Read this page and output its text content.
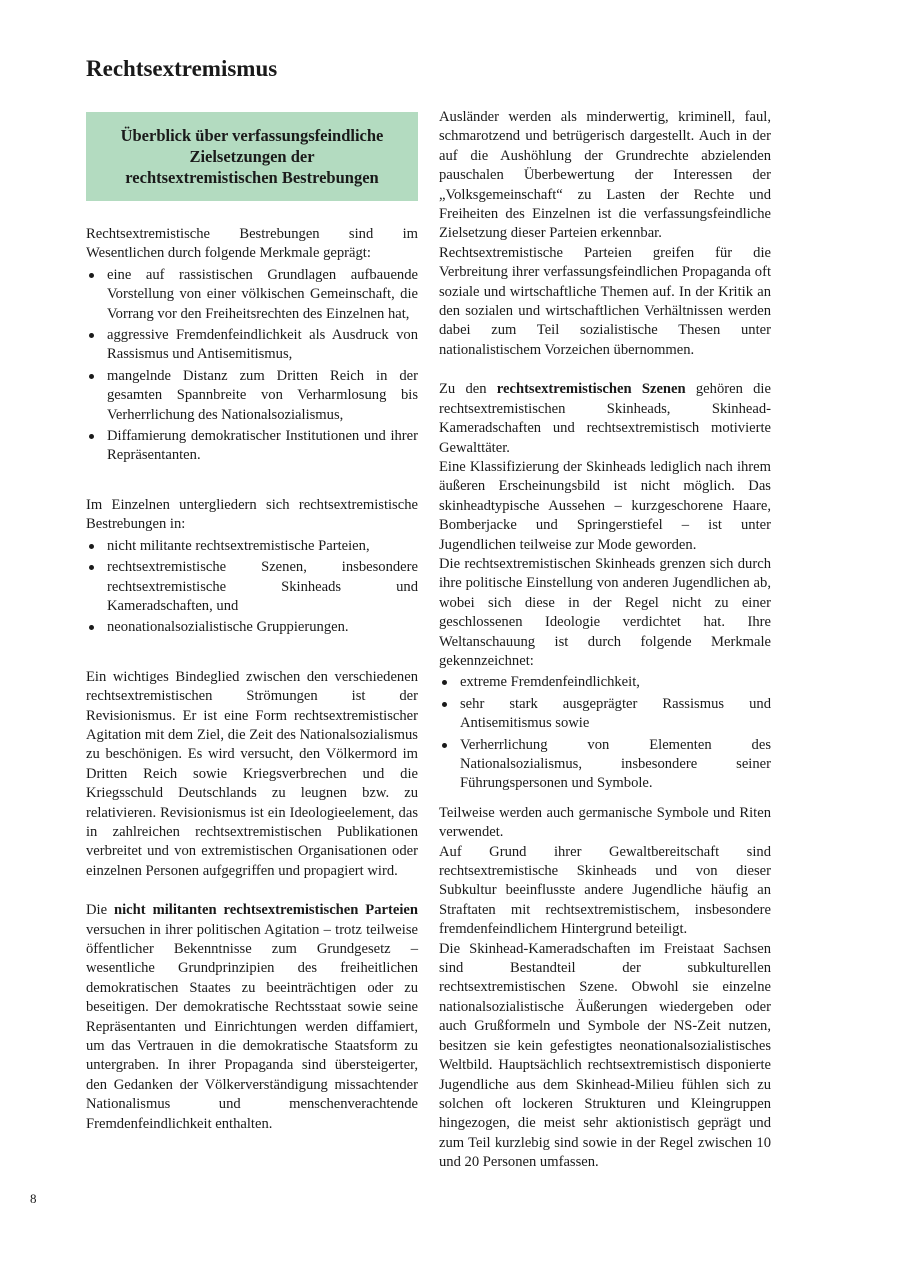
Rechtsextremismus
Überblick über verfassungsfeindliche
Zielsetzungen der
rechtsextremistischen Bestrebungen

Rechtsextremistische Bestrebungen sind im Wesentlichen durch folgende Merkmale geprägt:

eine auf rassistischen Grundlagen aufbauende Vorstellung von einer völkischen Gemeinschaft, die Vorrang vor den Freiheitsrechten des Einzelnen hat,
aggressive Fremdenfeindlichkeit als Ausdruck von Rassismus und Antisemitismus,
mangelnde Distanz zum Dritten Reich in der gesamten Spannbreite von Verharmlosung bis Verherrlichung des Nationalsozialismus,
Diffamierung demokratischer Institutionen und ihrer Repräsentanten.

Im Einzelnen untergliedern sich rechtsextremistische Bestrebungen in:

nicht militante rechtsextremistische Parteien,
rechtsextremistische Szenen, insbesondere rechtsextremistische Skinheads und Kameradschaften, und
neonationalsozialistische Gruppierungen.

Ein wichtiges Bindeglied zwischen den verschiedenen rechtsextremistischen Strömungen ist der Revisionismus. Er ist eine Form rechtsextremistischer Agitation mit dem Ziel, die Zeit des Nationalsozialismus zu beschönigen. Es wird versucht, den Völkermord im Dritten Reich sowie Kriegsverbrechen und die Kriegsschuld Deutschlands zu leugnen bzw. zu relativieren. Revisionismus ist ein Ideologieelement, das in zahlreichen rechtsextremistischen Publikationen verbreitet und von extremistischen Organisationen oder einzelnen Personen aufgegriffen und propagiert wird.

Die nicht militanten rechtsextremistischen Parteien versuchen in ihrer politischen Agitation – trotz teilweise öffentlicher Bekenntnisse zum Grundgesetz – wesentliche Grundprinzipien des freiheitlichen demokratischen Staates zu beeinträchtigen oder zu beseitigen. Der demokratische Rechtsstaat sowie seine Repräsentanten und Einrichtungen werden diffamiert, um das Vertrauen in die demokratische Staatsform zu untergraben. In ihrer Propaganda sind übersteigerter, den Gedanken der Völkerverständigung missachtender Nationalismus und menschenverachtende Fremdenfeindlichkeit enthalten.

Ausländer werden als minderwertig, kriminell, faul, schmarotzend und betrügerisch dargestellt. Auch in der auf die Aushöhlung der Grundrechte abzielenden pauschalen Überbewertung der Interessen der „Volksgemeinschaft“ zu Lasten der Rechte und Freiheiten des Einzelnen ist die verfassungsfeindliche Zielsetzung dieser Parteien erkennbar.

Rechtsextremistische Parteien greifen für die Verbreitung ihrer verfassungsfeindlichen Propaganda oft soziale und wirtschaftliche Themen auf. In der Kritik an den sozialen und wirtschaftlichen Verhältnissen werden dabei zum Teil sozialistische Thesen unter nationalistischem Vorzeichen übernommen.

Zu den rechtsextremistischen Szenen gehören die rechtsextremistischen Skinheads, Skinhead-Kameradschaften und rechtsextremistisch motivierte Gewalttäter.

Eine Klassifizierung der Skinheads lediglich nach ihrem äußeren Erscheinungsbild ist nicht möglich. Das skinheadtypische Aussehen – kurzgeschorene Haare, Bomberjacke und Springerstiefel – ist unter Jugendlichen teilweise zur Mode geworden.

Die rechtsextremistischen Skinheads grenzen sich durch ihre politische Einstellung von anderen Jugendlichen ab, wobei sich diese in der Regel nicht zu einer geschlossenen Ideologie verdichtet hat. Ihre Weltanschauung ist durch folgende Merkmale gekennzeichnet:

extreme Fremdenfeindlichkeit,
sehr stark ausgeprägter Rassismus und Antisemitismus sowie
Verherrlichung von Elementen des Nationalsozialismus, insbesondere seiner Führungspersonen und Symbole.

Teilweise werden auch germanische Symbole und Riten verwendet.

Auf Grund ihrer Gewaltbereitschaft sind rechtsextremistische Skinheads und von dieser Subkultur beeinflusste andere Jugendliche häufig an Straftaten mit rechtsextremistischem, insbesondere fremdenfeindlichem Hintergrund beteiligt.

Die Skinhead-Kameradschaften im Freistaat Sachsen sind Bestandteil der subkulturellen rechtsextremistischen Szene. Obwohl sie einzelne nationalsozialistische Äußerungen wiedergeben oder auch Grußformeln und Symbole der NS-Zeit nutzen, besitzen sie kein gefestigtes neonationalsozialistisches Weltbild. Hauptsächlich rechtsextremistisch disponierte Jugendliche aus dem Skinhead-Milieu fühlen sich zu solchen oft lockeren Strukturen und Kleingruppen hingezogen, die meist sehr aktionistisch geprägt und zum Teil kurzlebig sind sowie in der Regel zwischen 10 und 20 Personen umfassen.

8
